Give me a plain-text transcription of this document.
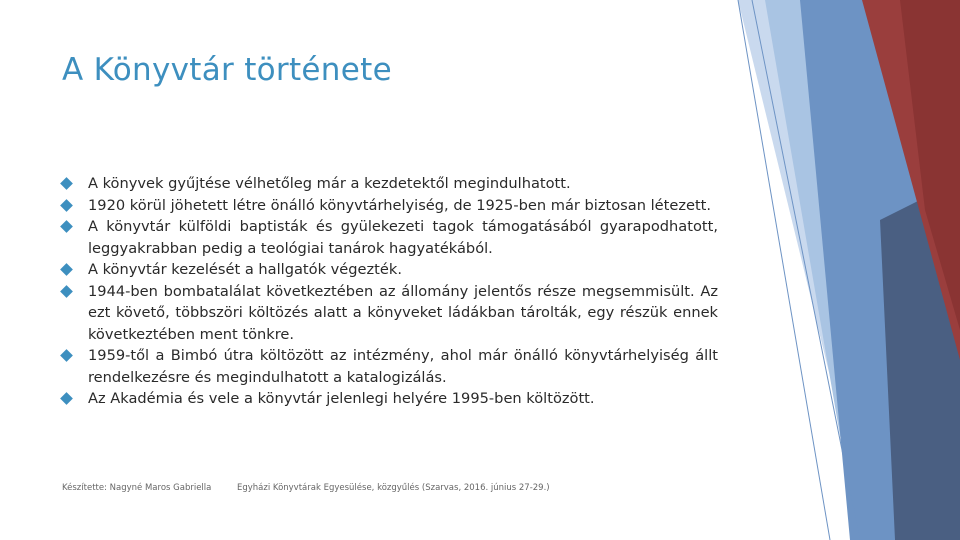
A Könyvtár története
A könyvek gyűjtése vélhetőleg már a kezdetektől megindulhatott.
1920 körül jöhetett létre önálló könyvtárhelyiség, de 1925-ben már biztosan létezett.
A könyvtár külföldi baptisták és gyülekezeti tagok támogatásából gyarapodhatott, leggyakrabban pedig a teológiai tanárok hagyatékából.
A könyvtár kezelését a hallgatók végezték.
1944-ben bombatalálat következtében az állomány jelentős része megsemmisült. Az ezt követő, többszöri költözés alatt a könyveket ládákban tárolták, egy részük ennek következtében ment tönkre.
1959-től a Bimbó útra költözött az intézmény, ahol már önálló könyvtárhelyiség állt rendelkezésre és megindulhatott a katalogizálás.
Az Akadémia és vele a könyvtár jelenlegi helyére 1995-ben költözött.
Készítette: Nagyné Maros Gabriella	Egyházi Könyvtárak Egyesülése, közgyűlés (Szarvas, 2016. június 27-29.)
